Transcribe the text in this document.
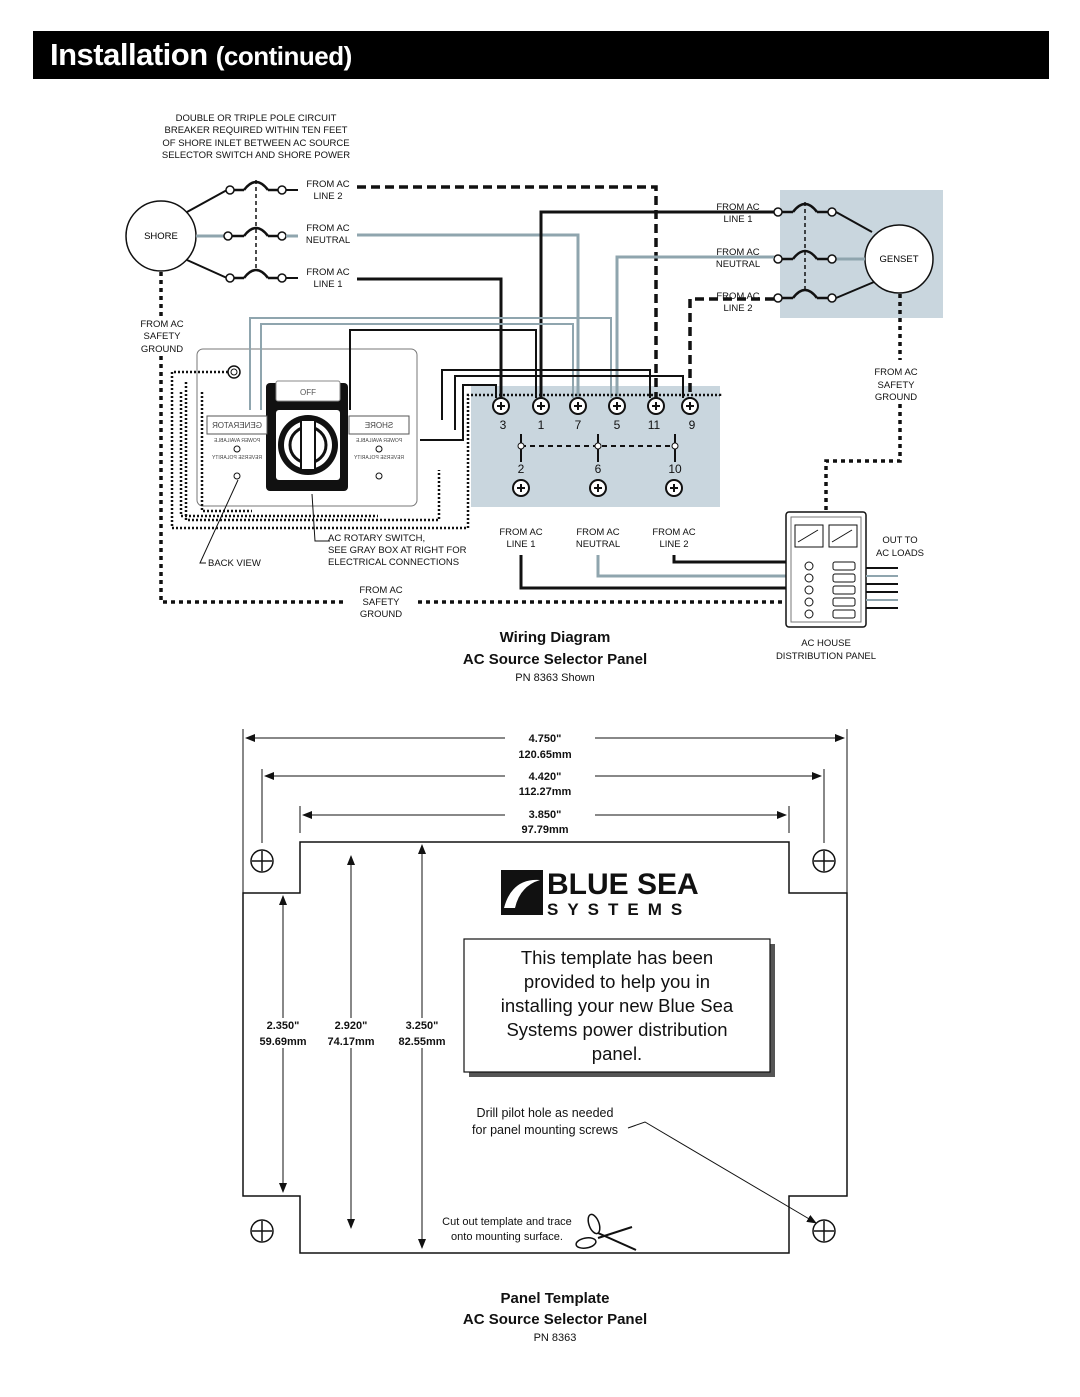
Installation (continued)
DOUBLE OR TRIPLE POLE CIRCUIT
BREAKER REQUIRED WITHIN TEN FEET
OF SHORE INLET BETWEEN AC SOURCE
SELECTOR SWITCH AND SHORE POWER
SHORE
FROM AC
LINE 2
FROM AC
NEUTRAL
FROM AC
LINE 1
GENSET
FROM AC
LINE 1
FROM AC
NEUTRAL
FROM AC
LINE 2
FROM AC
SAFETY
GROUND
FROM AC
SAFETY
GROUND
FROM AC
SAFETY
GROUND
OFF
GENERATOR	SHORE
POWER AVAILABLE
REVERSE POLARITY
POWER AVAILABLE
REVERSE POLARITY
3	1	7	5 11 9
2	6	10
FROM AC
LINE 1
FROM AC
NEUTRAL
FROM AC
LINE 2
AC ROTARY SWITCH,
SEE GRAY BOX AT RIGHT FOR
ELECTRICAL CONNECTIONS
BACK VIEW
OUT TO
AC LOADS
AC HOUSE
DISTRIBUTION PANEL
Wiring Diagram
AC Source Selector Panel
PN 8363 Shown
4.750"
120.65mm
4.420"
112.27mm
3.850"
97.79mm
2.350"
59.69mm
2.920"
74.17mm
3.250"
82.55mm
BLUE SEA
SYSTEMS
This template has been
provided to help you in
installing your new Blue Sea
Systems power distribution
panel.
Drill pilot hole as needed
for panel mounting screws
Cut out template and trace
onto mounting surface.
Panel Template
AC Source Selector Panel
PN 8363
